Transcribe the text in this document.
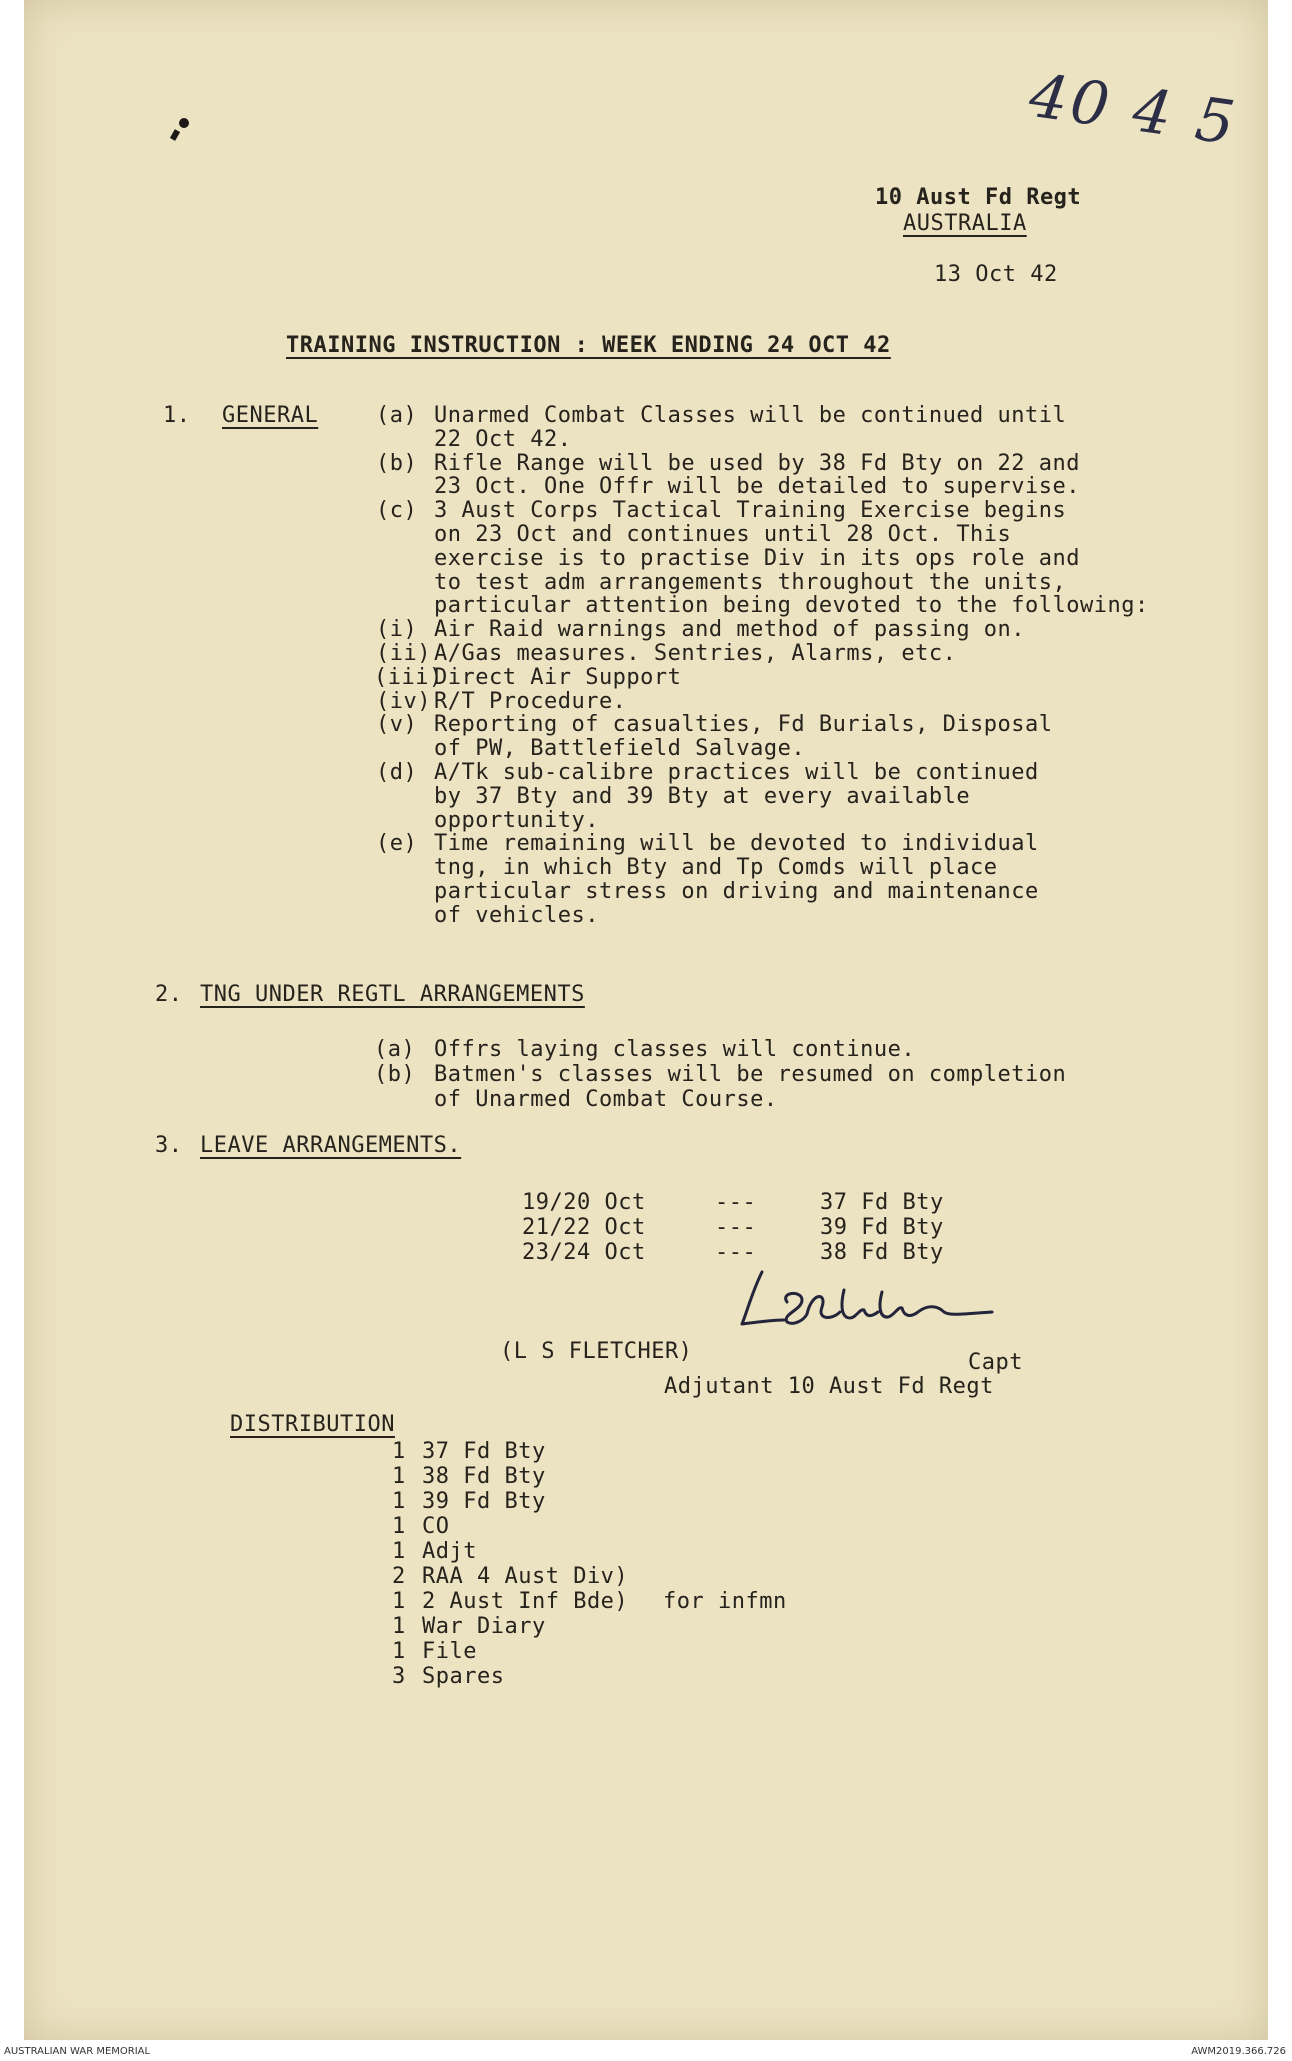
40 4 5
10 Aust Fd Regt
AUSTRALIA
13 Oct 42
TRAINING INSTRUCTION : WEEK ENDING 24 OCT 42
1. GENERAL	(a) Unarmed Combat Classes will be continued until
22 Oct 42.
(b) Rifle Range will be used by 38 Fd Bty on 22 and
23 Oct. One Offr will be detailed to supervise.
(c) 3 Aust Corps Tactical Training Exercise begins
on 23 Oct and continues until 28 Oct. This
exercise is to practise Div in its ops role and
to test adm arrangements throughout the units,
particular attention being devoted to the following:
(i) Air Raid warnings and method of passing on.
(ii) A/Gas measures. Sentries, Alarms, etc.
(iii)
Direct Air Support
(iv) R/T Procedure.
(v) Reporting of casualties, Fd Burials, Disposal
of PW, Battlefield Salvage.
(d) A/Tk sub-calibre practices will be continued
by 37 Bty and 39 Bty at every available
opportunity.
(e) Time remaining will be devoted to individual
tng, in which Bty and Tp Comds will place
particular stress on driving and maintenance
of vehicles.
2. TNG UNDER REGTL ARRANGEMENTS
(a) Offrs laying classes will continue.
(b) Batmen's classes will be resumed on completion
of Unarmed Combat Course.
3. LEAVE ARRANGEMENTS.
19/20 Oct	---	37 Fd Bty
21/22 Oct	---	39 Fd Bty
23/24 Oct	---	38 Fd Bty
(L S FLETCHER)	Capt
Adjutant 10 Aust Fd Regt
DISTRIBUTION
1 37 Fd Bty
1 38 Fd Bty
1 39 Fd Bty
1 CO
1 Adjt
2 RAA 4 Aust Div)
1 2 Aust Inf Bde)
1 War Diary
1 File
3 Spares
for infmn
AUSTRALIAN WAR MEMORIAL	AWM2019.366.726
